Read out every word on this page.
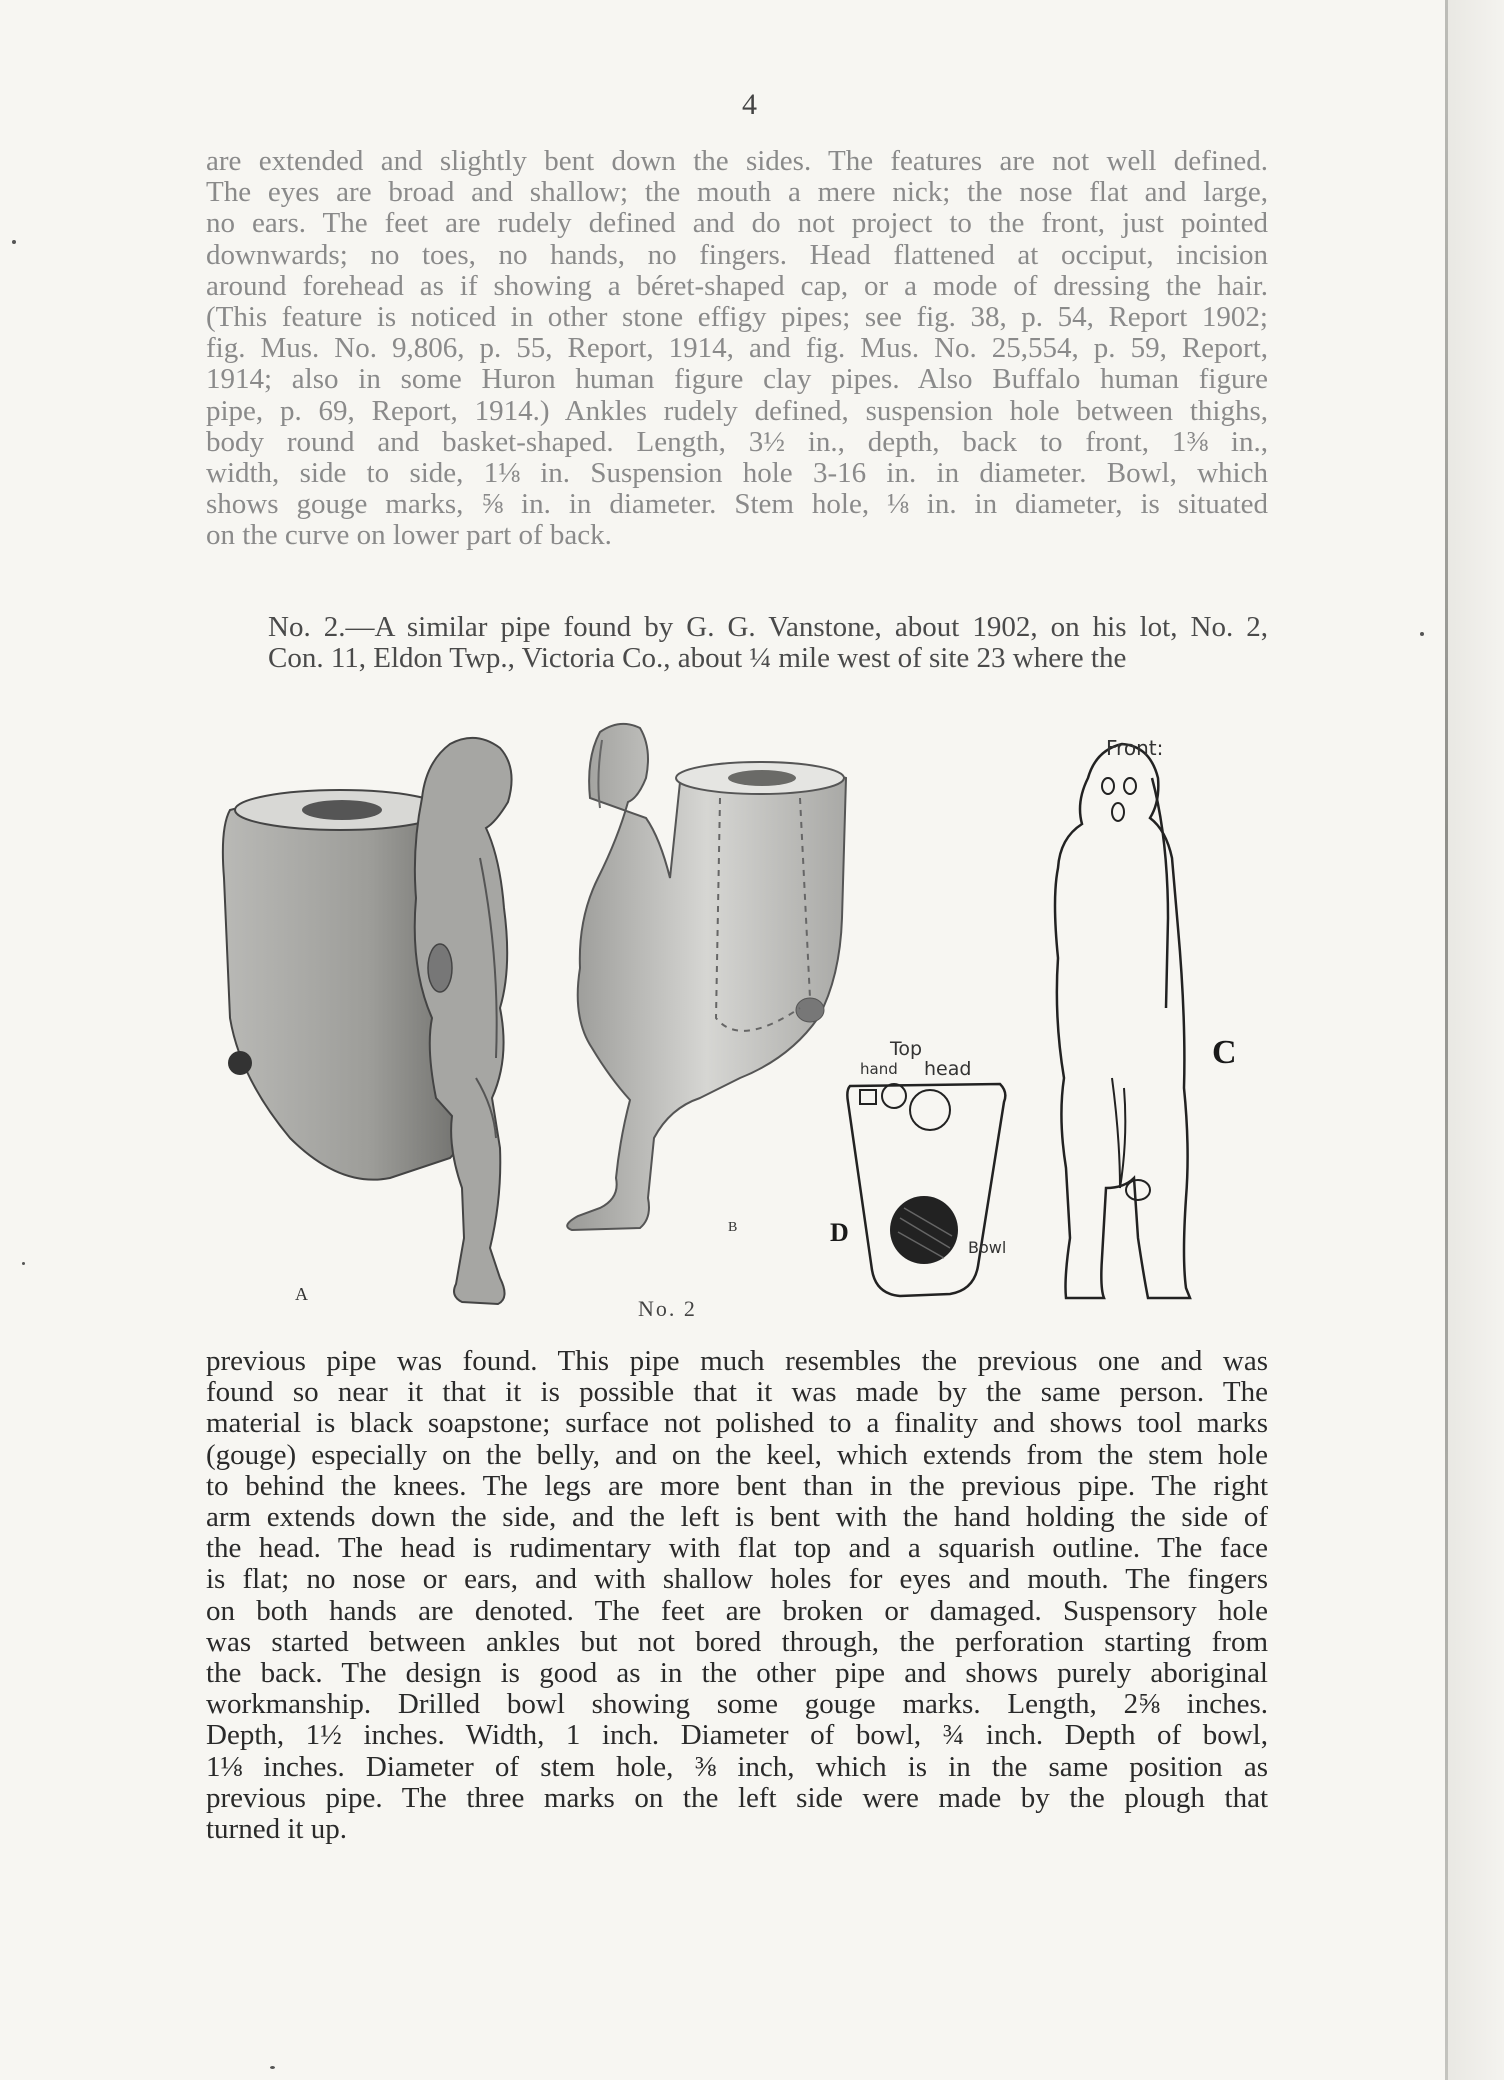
4

are extended and slightly bent down the sides. The features are not well defined.
The eyes are broad and shallow; the mouth a mere nick; the nose flat and large,
no ears. The feet are rudely defined and do not project to the front, just pointed
downwards; no toes, no hands, no fingers. Head flattened at occiput, incision
around forehead as if showing a béret-shaped cap, or a mode of dressing the hair.
(This feature is noticed in other stone effigy pipes; see fig. 38, p. 54, Report 1902;
fig. Mus. No. 9,806, p. 55, Report, 1914, and fig. Mus. No. 25,554, p. 59, Report,
1914; also in some Huron human figure clay pipes. Also Buffalo human figure
pipe, p. 69, Report, 1914.) Ankles rudely defined, suspension hole between thighs,
body round and basket-shaped. Length, 3½ in., depth, back to front, 1⅜ in.,
width, side to side, 1⅛ in. Suspension hole 3-16 in. in diameter. Bowl, which
shows gouge marks, ⅝ in. in diameter. Stem hole, ⅛ in. in diameter, is situated
on the curve on lower part of back.

No. 2.—A similar pipe found by G. G. Vanstone, about 1902, on his lot, No. 2,
Con. 11, Eldon Twp., Victoria Co., about ¼ mile west of site 23 where the

A
B
C
D
Front:
Top
hand head
Bowl
No. 2

previous pipe was found. This pipe much resembles the previous one and was
found so near it that it is possible that it was made by the same person. The
material is black soapstone; surface not polished to a finality and shows tool marks
(gouge) especially on the belly, and on the keel, which extends from the stem hole
to behind the knees. The legs are more bent than in the previous pipe. The right
arm extends down the side, and the left is bent with the hand holding the side of
the head. The head is rudimentary with flat top and a squarish outline. The face
is flat; no nose or ears, and with shallow holes for eyes and mouth. The fingers
on both hands are denoted. The feet are broken or damaged. Suspensory hole
was started between ankles but not bored through, the perforation starting from
the back. The design is good as in the other pipe and shows purely aboriginal
workmanship. Drilled bowl showing some gouge marks. Length, 2⅝ inches.
Depth, 1½ inches. Width, 1 inch. Diameter of bowl, ¾ inch. Depth of bowl,
1⅛ inches. Diameter of stem hole, ⅜ inch, which is in the same position as
previous pipe. The three marks on the left side were made by the plough that
turned it up.
